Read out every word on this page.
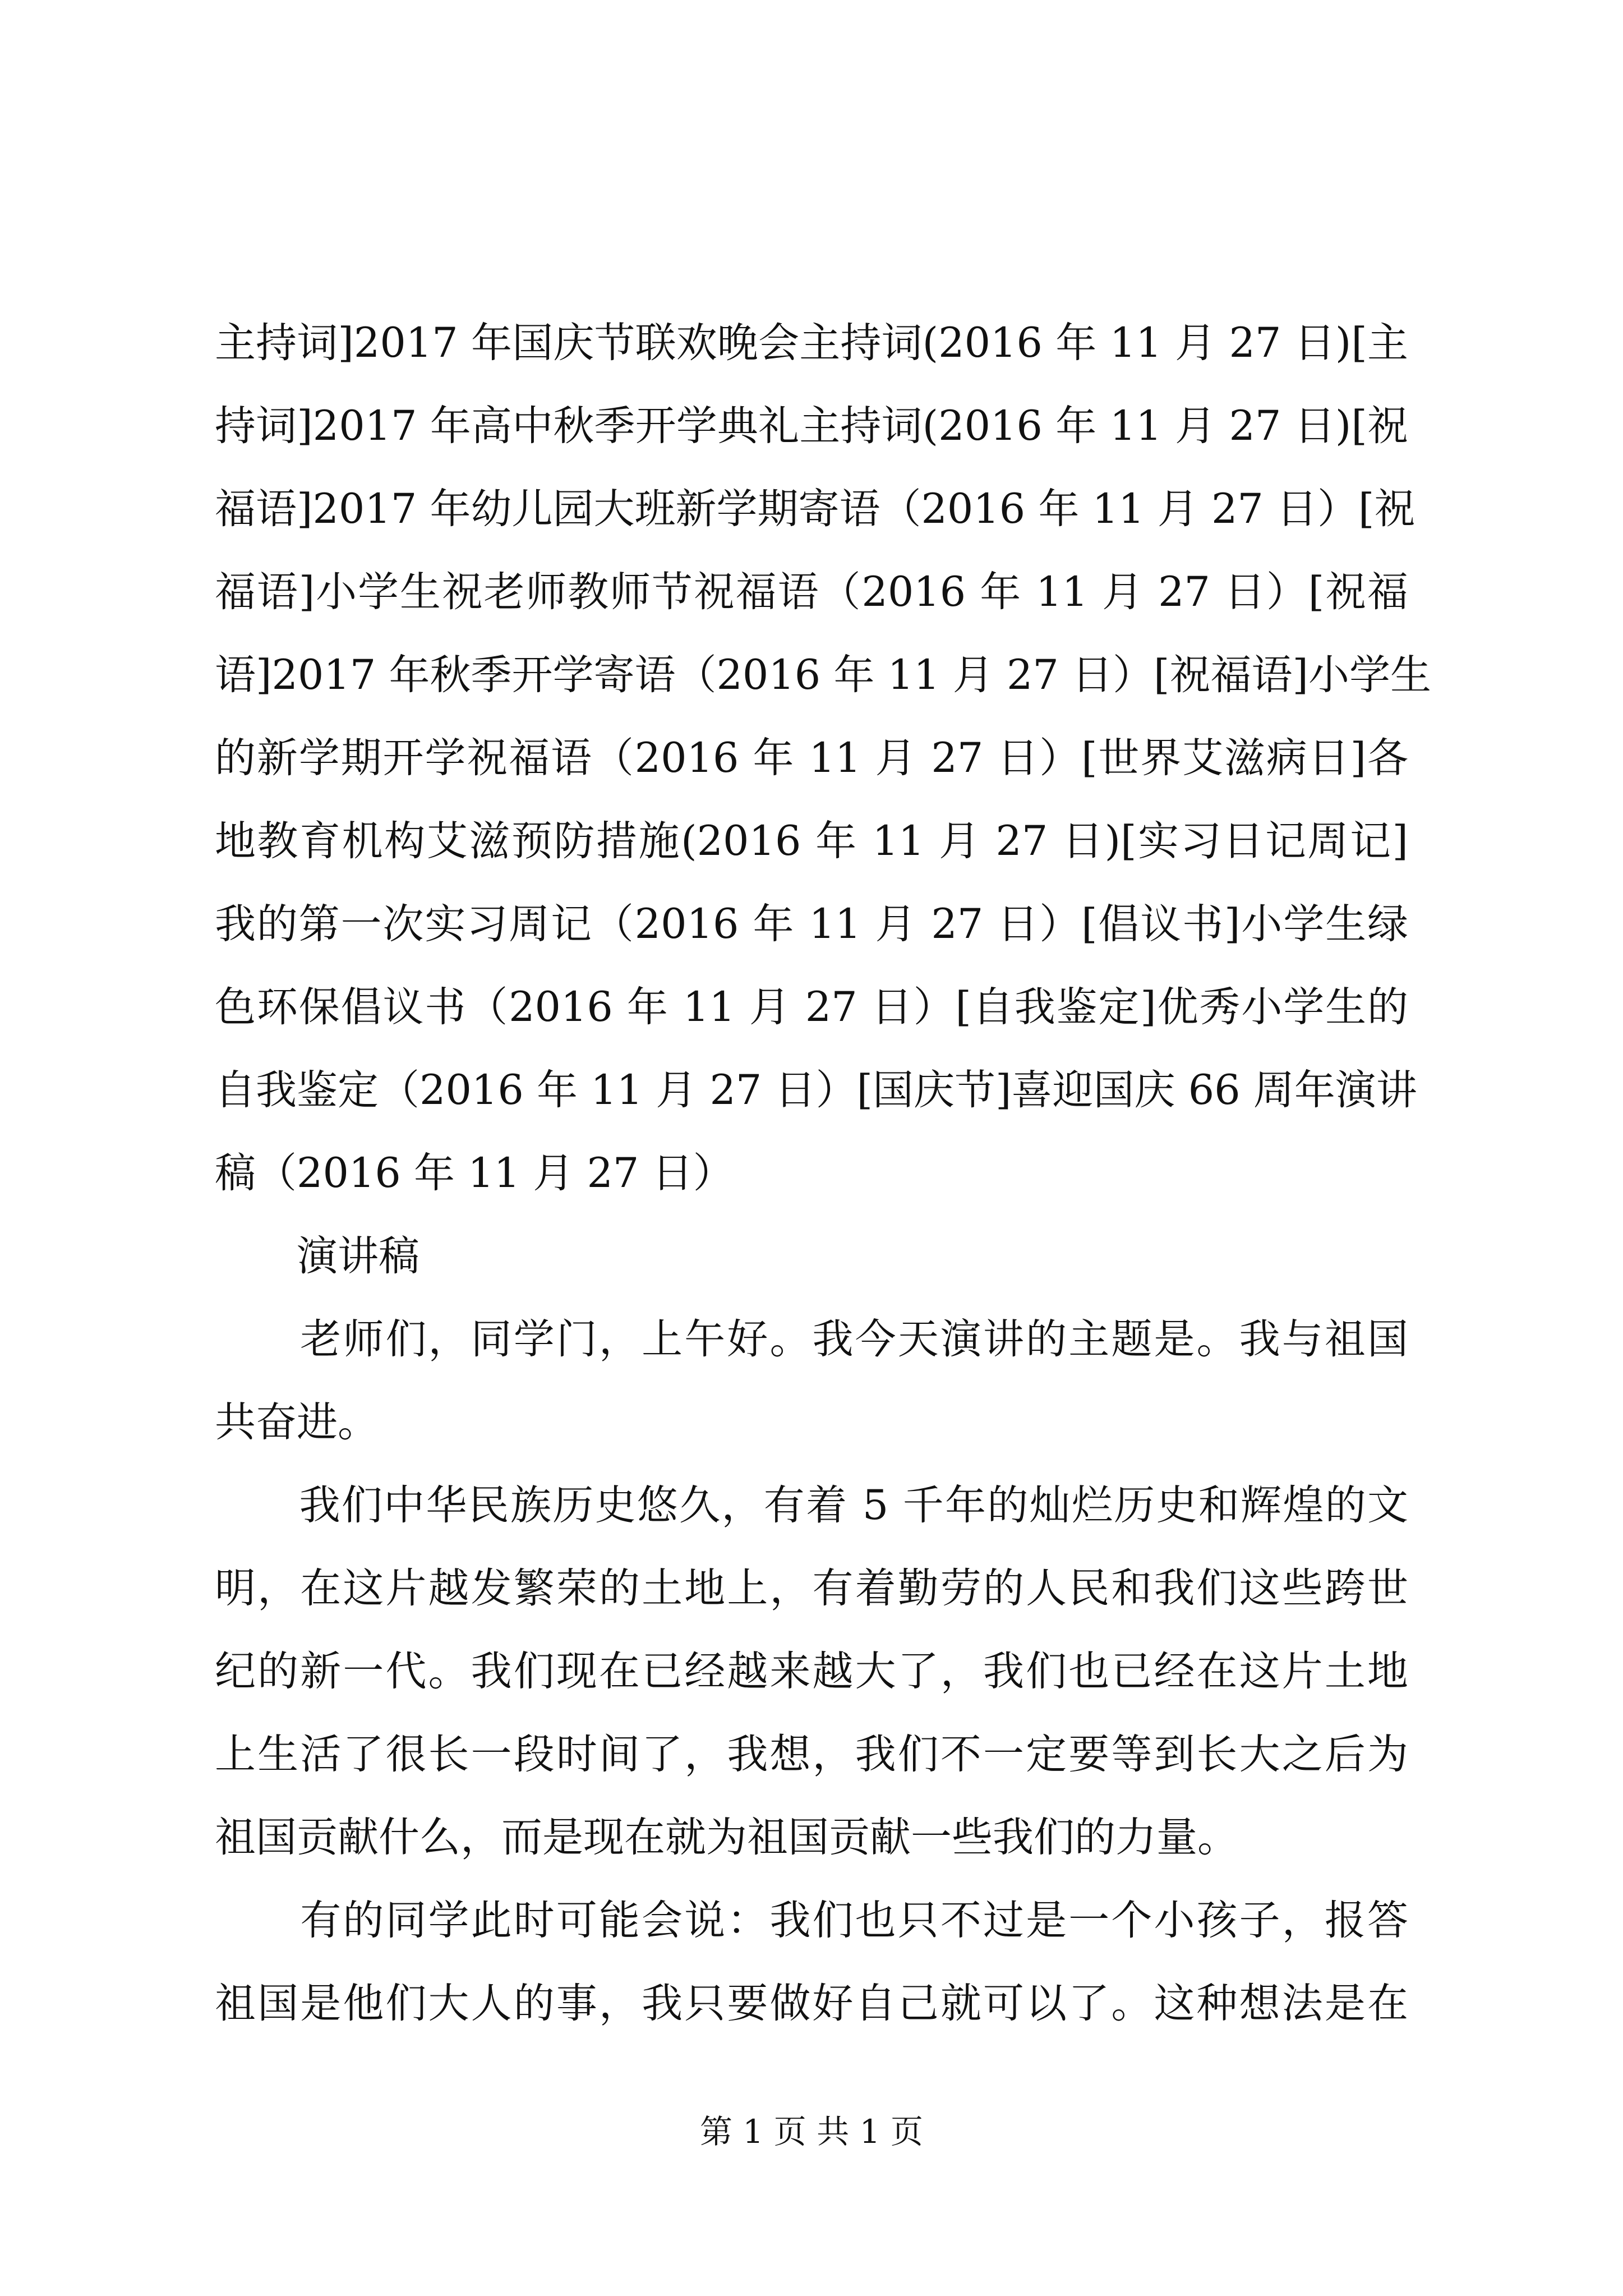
主持词]2017 年国庆节联欢晚会主持词(2016 年 11 月 27 日)[主
持词]2017 年高中秋季开学典礼主持词(2016 年 11 月 27 日)[祝
福语]2017 年幼儿园大班新学期寄语（2016 年 11 月 27 日）[祝
福语]小学生祝老师教师节祝福语（2016 年 11 月 27 日）[祝福
语]2017 年秋季开学寄语（2016 年 11 月 27 日）[祝福语]小学生
的新学期开学祝福语（2016 年 11 月 27 日）[世界艾滋病日]各
地教育机构艾滋预防措施(2016 年 11 月 27 日)[实习日记周记]
我的第一次实习周记（2016 年 11 月 27 日）[倡议书]小学生绿
色环保倡议书（2016 年 11 月 27 日）[自我鉴定]优秀小学生的
自我鉴定（2016 年 11 月 27 日）[国庆节]喜迎国庆 66 周年演讲
稿（2016 年 11 月 27 日）
　　演讲稿
　　老师们，同学门，上午好。我今天演讲的主题是。我与祖国
共奋进。
　　我们中华民族历史悠久，有着 5 千年的灿烂历史和辉煌的文
明，在这片越发繁荣的土地上，有着勤劳的人民和我们这些跨世
纪的新一代。我们现在已经越来越大了，我们也已经在这片土地
上生活了很长一段时间了，我想，我们不一定要等到长大之后为
祖国贡献什么，而是现在就为祖国贡献一些我们的力量。
　　有的同学此时可能会说：我们也只不过是一个小孩子，报答
祖国是他们大人的事，我只要做好自己就可以了。这种想法是在
第 1 页 共 1 页
